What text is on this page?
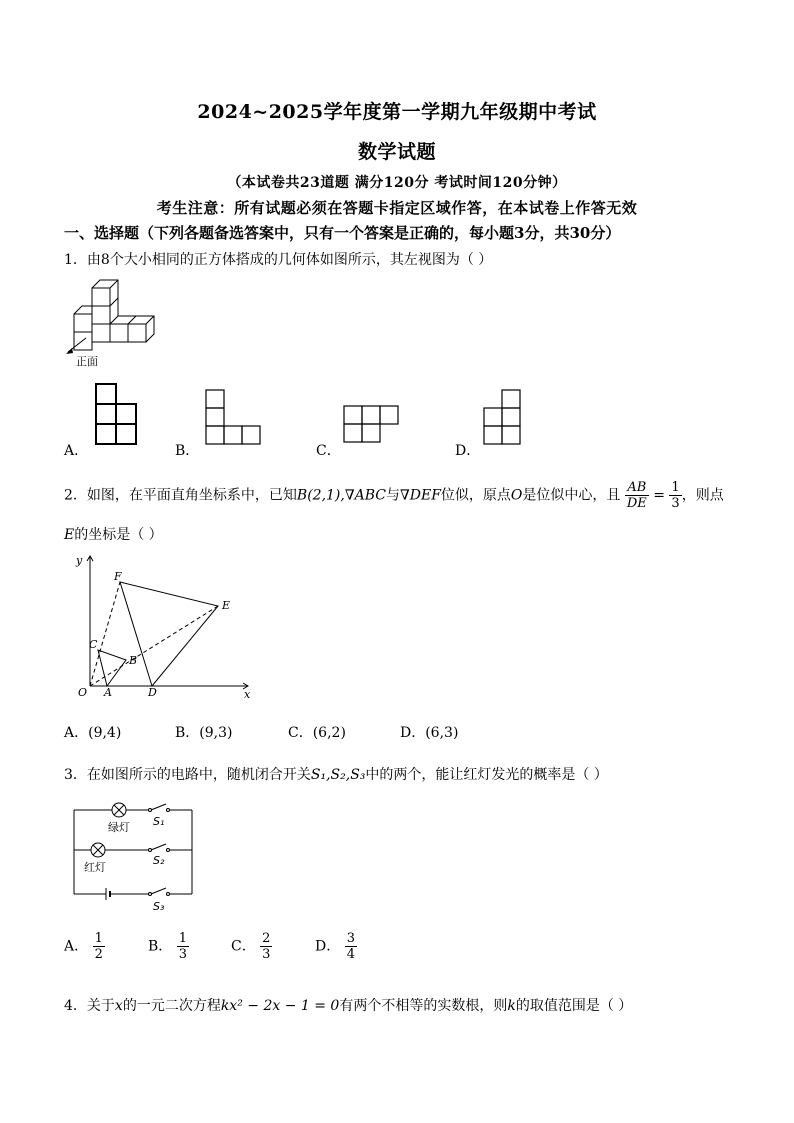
2024~2025学年度第一学期九年级期中考试
数学试题
（本试卷共23道题 满分120分 考试时间120分钟）
考生注意：所有试题必须在答题卡指定区域作答，在本试卷上作答无效
一、选择题（下列各题备选答案中，只有一个答案是正确的，每小题3分，共30分）
1．由8个大小相同的正方体搭成的几何体如图所示，其左视图为（ ）
正面
A．	B．	C．	D．
2．如图，在平面直角坐标系中，已知B(2,1),∇ABC与∇DEF位似，原点O是位似中心，且 $\frac{AB}{DE} = \frac{1}{3}$ ，则点
E的坐标是（ ）
y
x
O A
B
C
D
E
F
A．(9,4)	B．(9,3)	C．(6,2)	D．(6,3)
3．在如图所示的电路中，随机闭合开关S₁,S₂,S₃中的两个，能让红灯发光的概率是（ ）
绿灯
红灯
S₁
S₂
S₃
A． $\frac{1}{2}$	B． $\frac{1}{3}$	C． $\frac{2}{3}$	D． $\frac{3}{4}$
4．关于x的一元二次方程kx² − 2x − 1 = 0有两个不相等的实数根，则k的取值范围是（ ）
